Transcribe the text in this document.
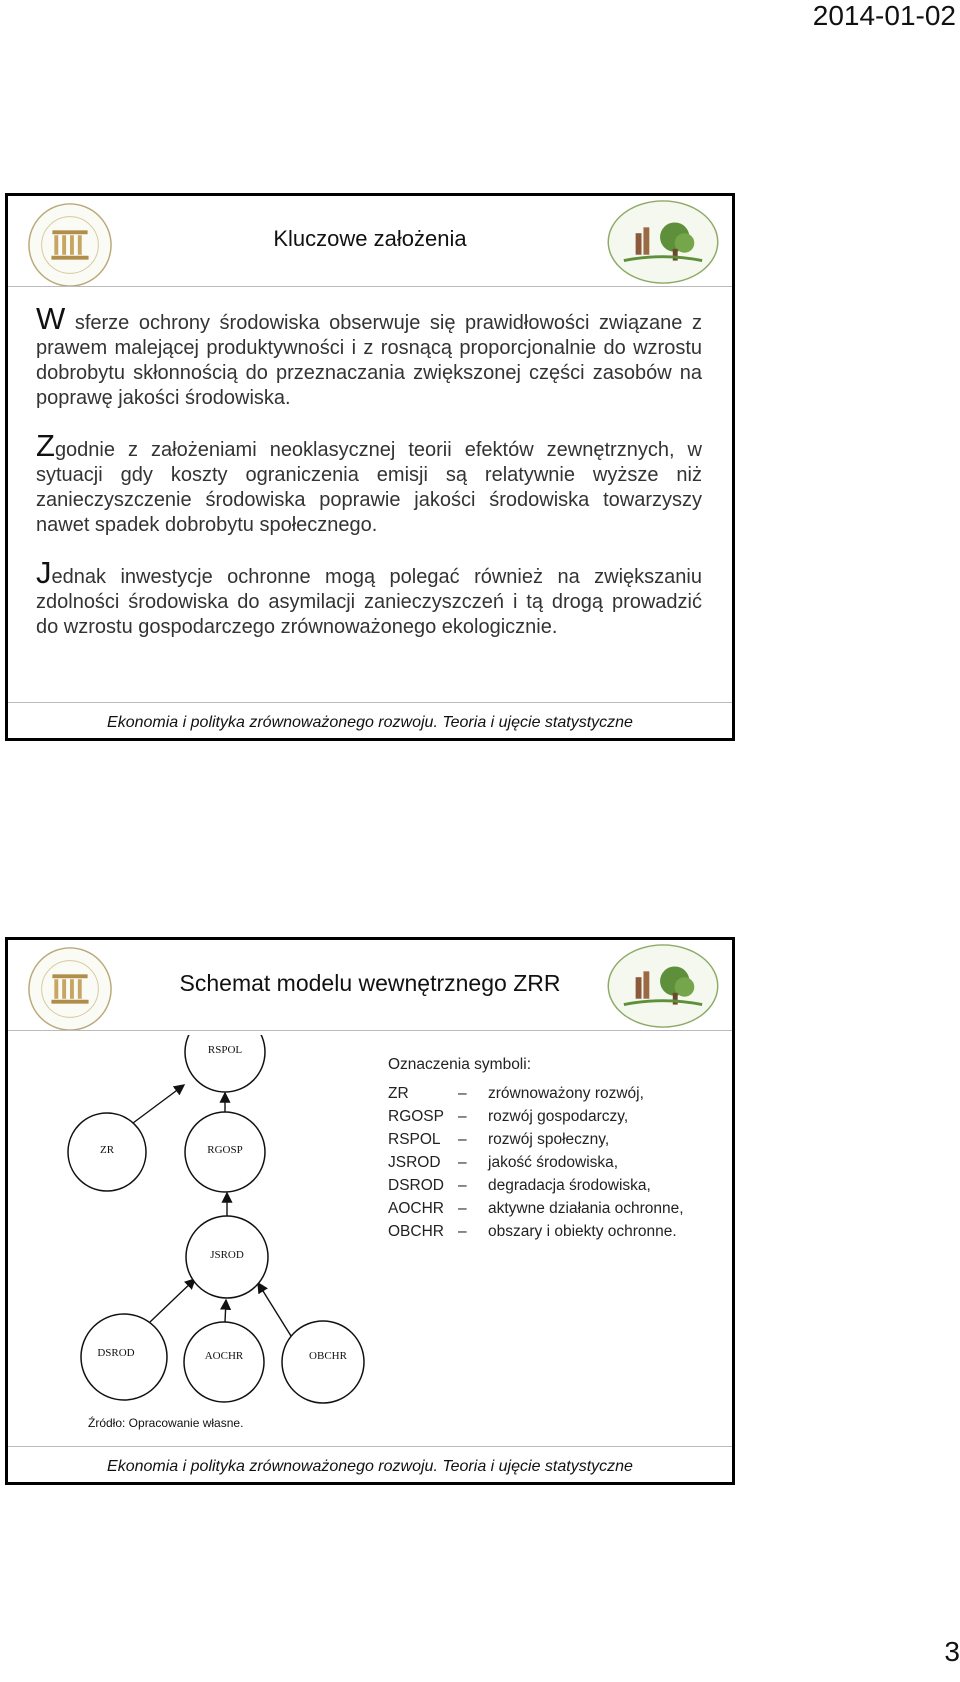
2014-01-02
Kluczowe założenia

W sferze ochrony środowiska obserwuje się prawidłowości związane z prawem malejącej produktywności i z rosnącą proporcjonalnie do wzrostu dobrobytu skłonnością do przeznaczania zwiększonej części zasobów na poprawę jakości środowiska.

Zgodnie z założeniami neoklasycznej teorii efektów zewnętrznych, w sytuacji gdy koszty ograniczenia emisji są relatywnie wyższe niż zanieczyszczenie środowiska poprawie jakości środowiska towarzyszy nawet spadek dobrobytu społecznego.

Jednak inwestycje ochronne mogą polegać również na zwiększaniu zdolności środowiska do asymilacji zanieczyszczeń i tą drogą prowadzić do wzrostu gospodarczego zrównoważonego ekologicznie.

Ekonomia i polityka zrównoważonego rozwoju. Teoria i ujęcie statystyczne
Schemat modelu wewnętrznego ZRR
RSPOL
ZR	RGOSP
JSROD
DSROD	AOCHR	OBCHR
Oznaczenia symboli:
ZR	–	zrównoważony rozwój,
RGOSP –	rozwój gospodarczy,
RSPOL	–	rozwój społeczny,
JSROD	–	jakość środowiska,
DSROD –	degradacja środowiska,
AOCHR –	aktywne działania ochronne,
OBCHR –	obszary i obiekty ochronne.
Źródło: Opracowanie własne.
Ekonomia i polityka zrównoważonego rozwoju. Teoria i ujęcie statystyczne
3
